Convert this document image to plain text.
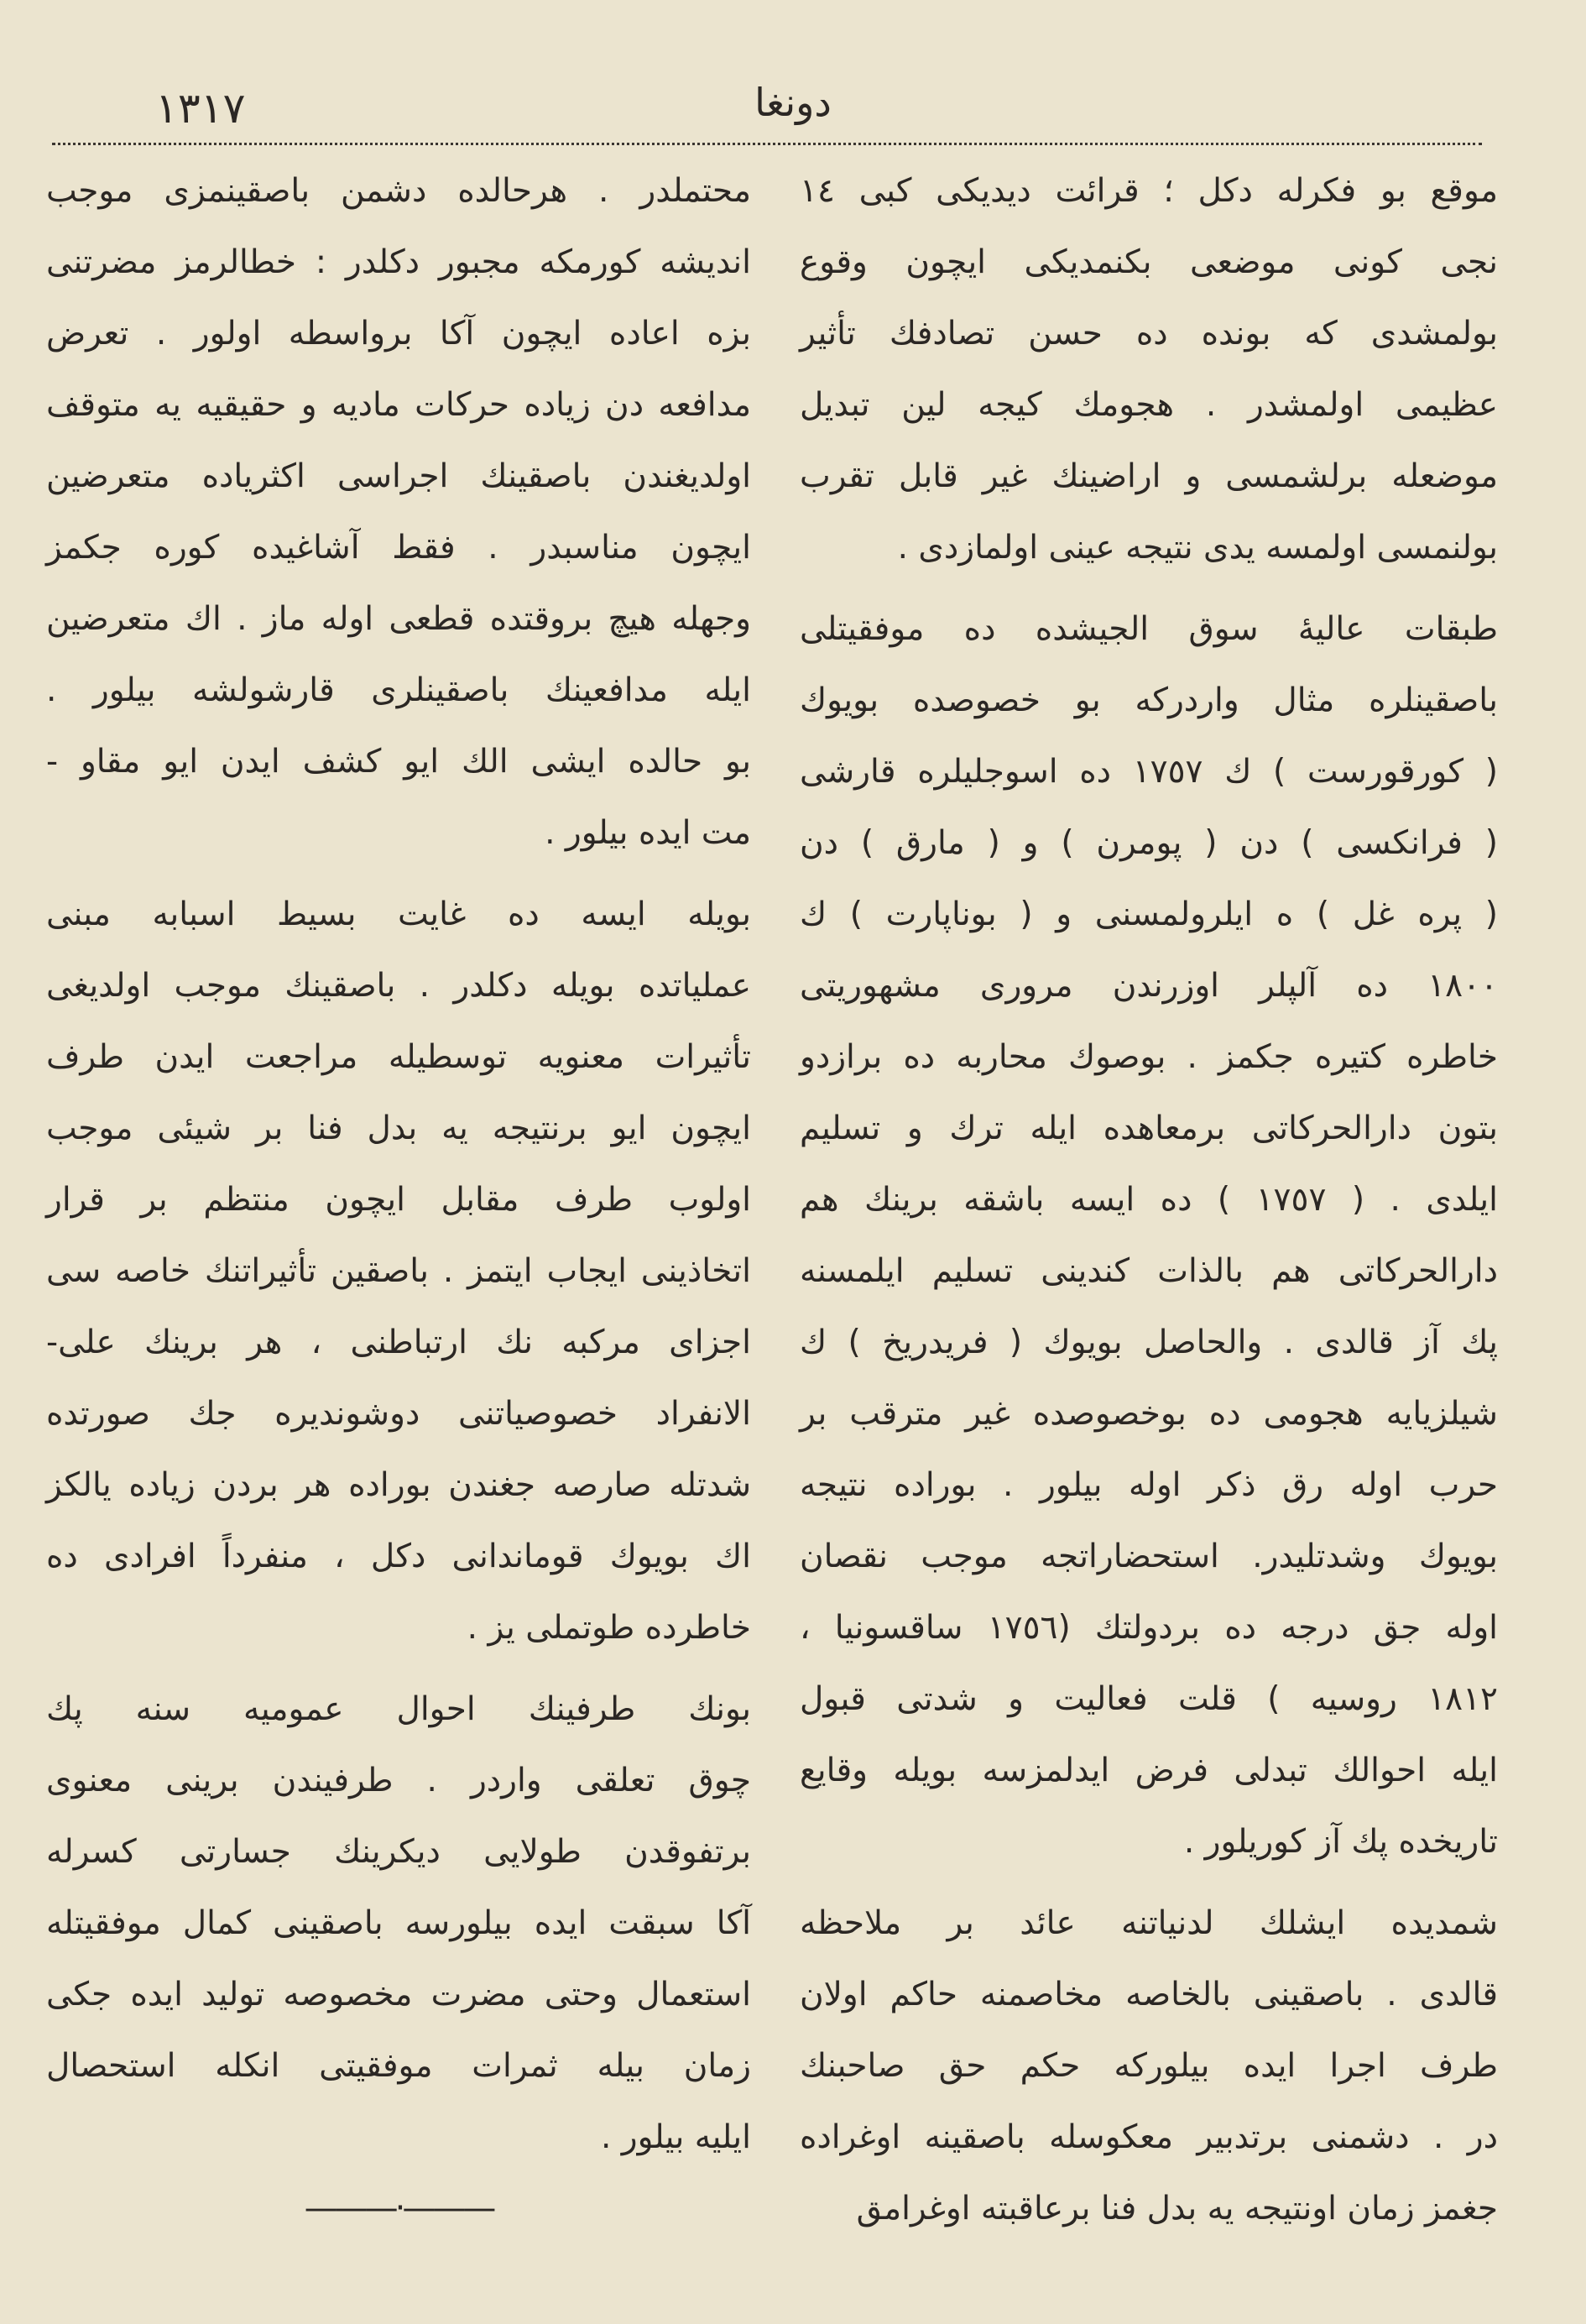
١٣١٧	دونغا
موقع بو فکرله دکل ؛ قرائت دیدیکی کبی ١٤
نجی کونی موضعی بکنمدیکی ایچون وقوع
بولمشدی که بونده ده حسن تصادفك تأثیر
عظیمی اولمشدر . هجومك کیجه لین تبدیل
موضعله برلشمسی و اراضینك غیر قابل تقرب
بولنمسی اولمسه یدی نتیجه عینی اولمازدی .
طبقات عالیهٔ سوق الجیشده ده موفقیتلی
باصقینلره مثال واردرکه بو خصوصده بویوك
( کورقورست ) ك ١٧٥٧ ده اسوجلیلره قارشی
( فرانکسی ) دن ( پومرن ) و ( مارق ) دن
( پره غل ) ه ایلرولمسنی و ( بوناپارت ) ك
١٨٠٠ ده آلپلر اوزرندن مروری مشهوریتی
خاطره کتیره جکمز . بوصوك محاربه ده برازدو
بتون دارالحرکاتی برمعاهده ایله ترك و تسلیم
ایلدی . ( ١٧٥٧ ) ده ایسه باشقه برینك هم
دارالحرکاتی هم بالذات کندینی تسلیم ایلمسنه
پك آز قالدی . والحاصل بویوك ( فریدریخ ) ك
شیلزیایه هجومی ده بوخصوصده غیر مترقب بر
حرب اوله رق ذکر اوله بیلور . بوراده نتیجه
بویوك وشدتلیدر. استحضاراتجه موجب نقصان
اوله جق درجه ده بردولتك (١٧٥٦ ساقسونیا ،
١٨١٢ روسیه ) قلت فعالیت و شدتی قبول
ایله احوالك تبدلی فرض ایدلمزسه بویله وقایع
تاریخده پك آز کوریلور .
شمدیده ایشلك لدنیاتنه عائد بر ملاحظه
قالدی . باصقینی بالخاصه مخاصمنه حاکم اولان
طرف اجرا ایده بیلورکه حکم حق صاحبنك
در . دشمنی برتدبیر معکوسله باصقینه اوغراده
جغمز زمان اونتیجه یه بدل فنا برعاقبته اوغرامق
محتملدر . هرحالده دشمن باصقینمزی موجب
اندیشه کورمکه مجبور دکلدر : خطالرمز مضرتنی
بزه اعاده ایچون آکا برواسطه اولور . تعرض
مدافعه دن زیاده حرکات مادیه و حقیقیه یه متوقف
اولدیغندن باصقینك اجراسی اکثریاده متعرضین
ایچون مناسبدر . فقط آشاغیده کوره جکمز
وجهله هیچ بروقتده قطعی اوله ماز . اك متعرضین
ایله مدافعینك باصقینلری قارشولشه بیلور .
بو حالده ایشی الك ایو کشف ایدن ایو مقاو -
مت ایده بیلور .
بویله ایسه ده غایت بسیط اسبابه مبنی
عملیاتده بویله دکلدر . باصقینك موجب اولدیغی
تأثیرات معنویه توسطیله مراجعت ایدن طرف
ایچون ایو برنتیجه یه بدل فنا بر شیئی موجب
اولوب طرف مقابل ایچون منتظم بر قرار
اتخاذینی ایجاب ایتمز . باصقین تأثیراتنك خاصه سی
اجزای مرکبه نك ارتباطنی ، هر برینك علی-
الانفراد خصوصیاتنی دوشوندیره جك صورتده
شدتله صارصه جغندن بوراده هر بردن زیاده یالکز
اك بویوك قوماندانی دکل ، منفرداً افرادی ده
خاطرده طوتملی یز .
بونك طرفینك احوال عمومیه سنه پك
چوق تعلقی واردر . طرفیندن برینی معنوی
برتفوقدن طولایی دیکرینك جسارتی کسرله
آکا سبقت ایده بیلورسه باصقینی کمال موفقیتله
استعمال وحتی مضرت مخصوصه تولید ایده جکی
زمان بیله ثمرات موفقیتی انکله استحصال
ایلیه بیلور .
———·———
